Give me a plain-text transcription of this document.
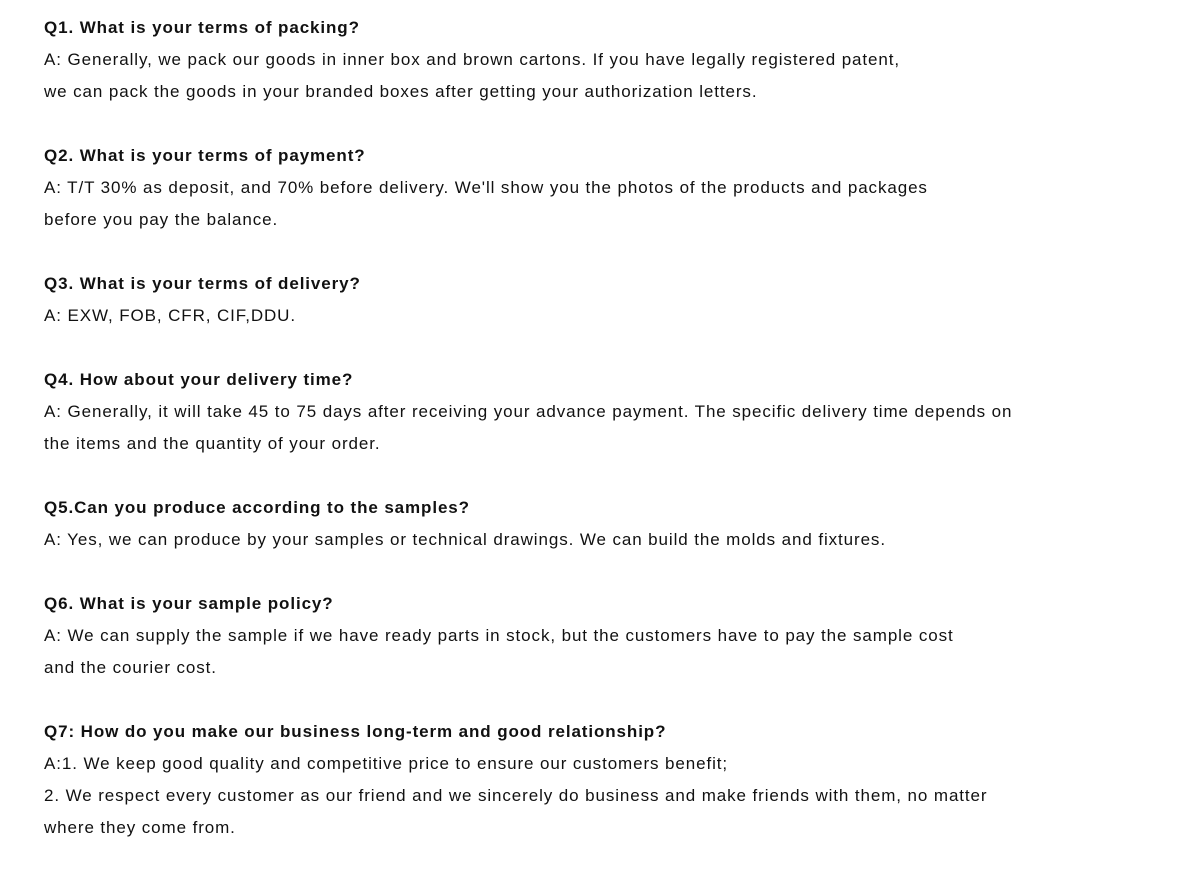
Q1. What is your terms of packing?

A: Generally, we pack our goods in inner box and brown cartons. If you have legally registered patent,

we can pack the goods in your branded boxes after getting your authorization letters.

Q2. What is your terms of payment?

A: T/T 30% as deposit, and 70% before delivery. We'll show you the photos of the products and packages

before you pay the balance.

Q3. What is your terms of delivery?

A: EXW, FOB, CFR, CIF,DDU.

Q4. How about your delivery time?

A: Generally, it will take 45 to 75 days after receiving your advance payment. The specific delivery time depends on

the items and the quantity of your order.

Q5.Can you produce according to the samples?

A: Yes, we can produce by your samples or technical drawings. We can build the molds and fixtures.

Q6. What is your sample policy?

A: We can supply the sample if we have ready parts in stock, but the customers have to pay the sample cost

and the courier cost.

Q7: How do you make our business long-term and good relationship?

A:1. We keep good quality and competitive price to ensure our customers benefit;

2. We respect every customer as our friend and we sincerely do business and make friends with them, no matter

where they come from.
